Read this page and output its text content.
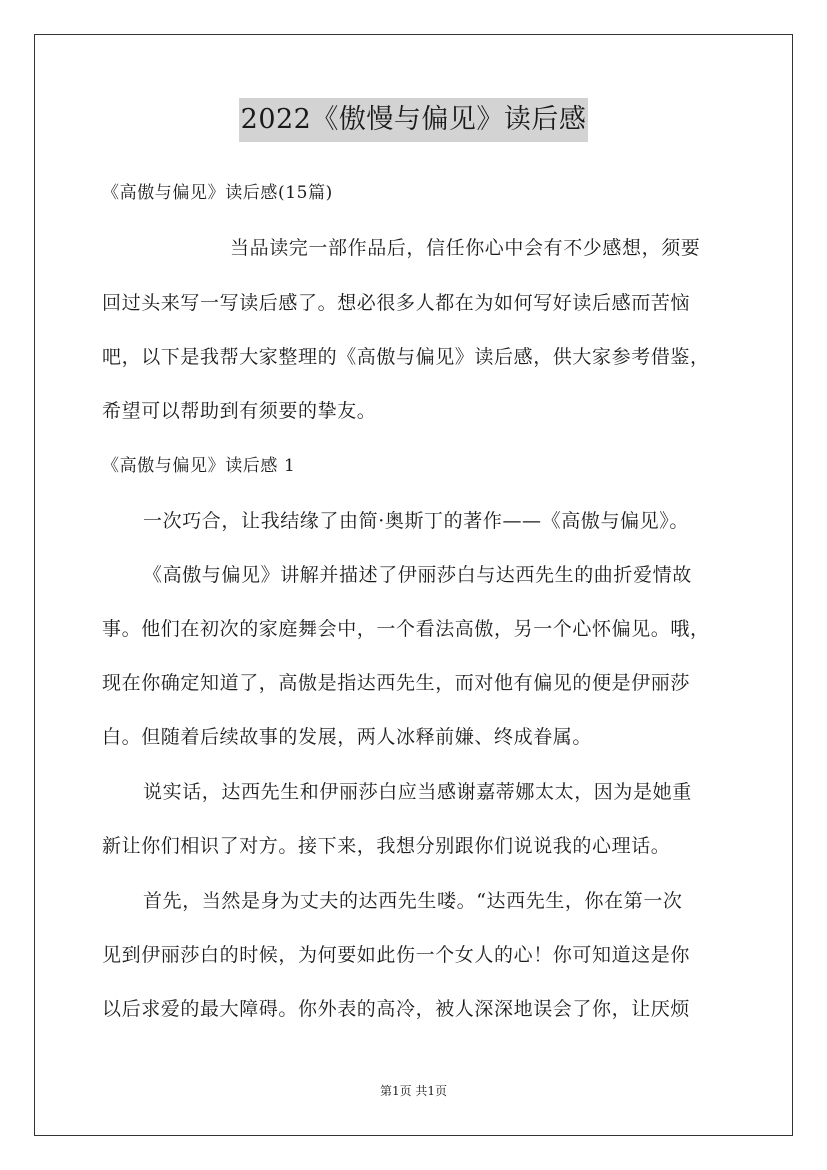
2022《傲慢与偏见》读后感
《高傲与偏见》读后感(15篇)
当品读完一部作品后，信任你心中会有不少感想，须要
回过头来写一写读后感了。想必很多人都在为如何写好读后感而苦恼
吧，以下是我帮大家整理的《高傲与偏见》读后感，供大家参考借鉴，
希望可以帮助到有须要的挚友。
《高傲与偏见》读后感 1
一次巧合，让我结缘了由简·奥斯丁的著作——《高傲与偏见》。
《高傲与偏见》讲解并描述了伊丽莎白与达西先生的曲折爱情故
事。他们在初次的家庭舞会中，一个看法高傲，另一个心怀偏见。哦，
现在你确定知道了，高傲是指达西先生，而对他有偏见的便是伊丽莎
白。但随着后续故事的发展，两人冰释前嫌、终成眷属。
说实话，达西先生和伊丽莎白应当感谢嘉蒂娜太太，因为是她重
新让你们相识了对方。接下来，我想分别跟你们说说我的心理话。
首先，当然是身为丈夫的达西先生喽。“达西先生，你在第一次
见到伊丽莎白的时候，为何要如此伤一个女人的心！你可知道这是你
以后求爱的最大障碍。你外表的高冷，被人深深地误会了你，让厌烦
第1页 共1页
